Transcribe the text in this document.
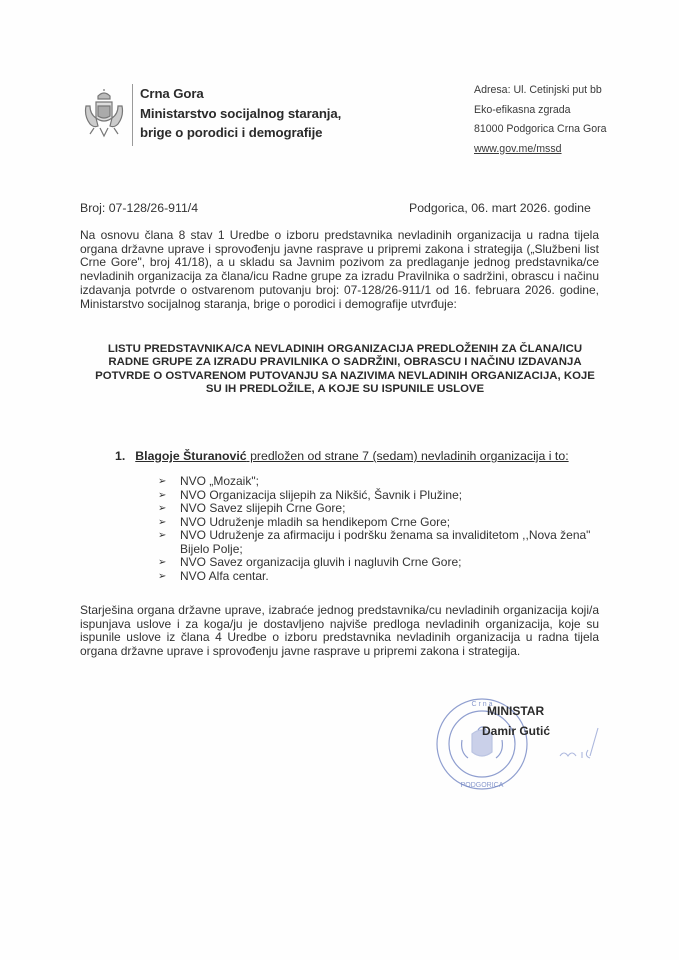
Crna Gora
Ministarstvo socijalnog staranja,
brige o porodici i demografije
Adresa: Ul. Cetinjski put bb
Eko-efikasna zgrada
81000 Podgorica Crna Gora
www.gov.me/mssd
Broj: 07-128/26-911/4	Podgorica, 06. mart 2026. godine
Na osnovu člana 8 stav 1 Uredbe o izboru predstavnika nevladinih organizacija u radna tijela organa državne uprave i sprovođenju javne rasprave u pripremi zakona i strategija („Službeni list Crne Gore", broj 41/18), a u skladu sa Javnim pozivom za predlaganje jednog predstavnika/ce nevladinih organizacija za člana/icu Radne grupe za izradu Pravilnika o sadržini, obrascu i načinu izdavanja potvrde o ostvarenom putovanju broj: 07-128/26-911/1 od 16. februara 2026. godine, Ministarstvo socijalnog staranja, brige o porodici i demografije utvrđuje:
LISTU PREDSTAVNIKA/CA NEVLADINIH ORGANIZACIJA PREDLOŽENIH ZA ČLANA/ICU RADNE GRUPE ZA IZRADU PRAVILNIKA O SADRŽINI, OBRASCU I NAČINU IZDAVANJA POTVRDE O OSTVARENOM PUTOVANJU SA NAZIVIMA NEVLADINIH ORGANIZACIJA, KOJE SU IH PREDLOŽILE, A KOJE SU ISPUNILE USLOVE
1. Blagoje Šturanović predložen od strane 7 (sedam) nevladinih organizacija i to:
➢ NVO „Mozaik";
➢ NVO Organizacija slijepih za Nikšić, Šavnik i Plužine;
➢ NVO Savez slijepih Crne Gore;
➢ NVO Udruženje mladih sa hendikepom Crne Gore;
➢ NVO Udruženje za afirmaciju i podršku ženama sa invaliditetom ,,Nova žena" Bijelo Polje;
➢ NVO Savez organizacija gluvih i nagluvih Crne Gore;
➢ NVO Alfa centar.
Starješina organa državne uprave, izabraće jednog predstavnika/cu nevladinih organizacija koji/a ispunjava uslove i za koga/ju je dostavljeno najviše predloga nevladinih organizacija, koje su ispunile uslove iz člana 4 Uredbe o izboru predstavnika nevladinih organizacija u radna tijela organa državne uprave i sprovođenju javne rasprave u pripremi zakona i strategija.
C r n a
PODGORICA
MINISTAR
Damir Gutić
